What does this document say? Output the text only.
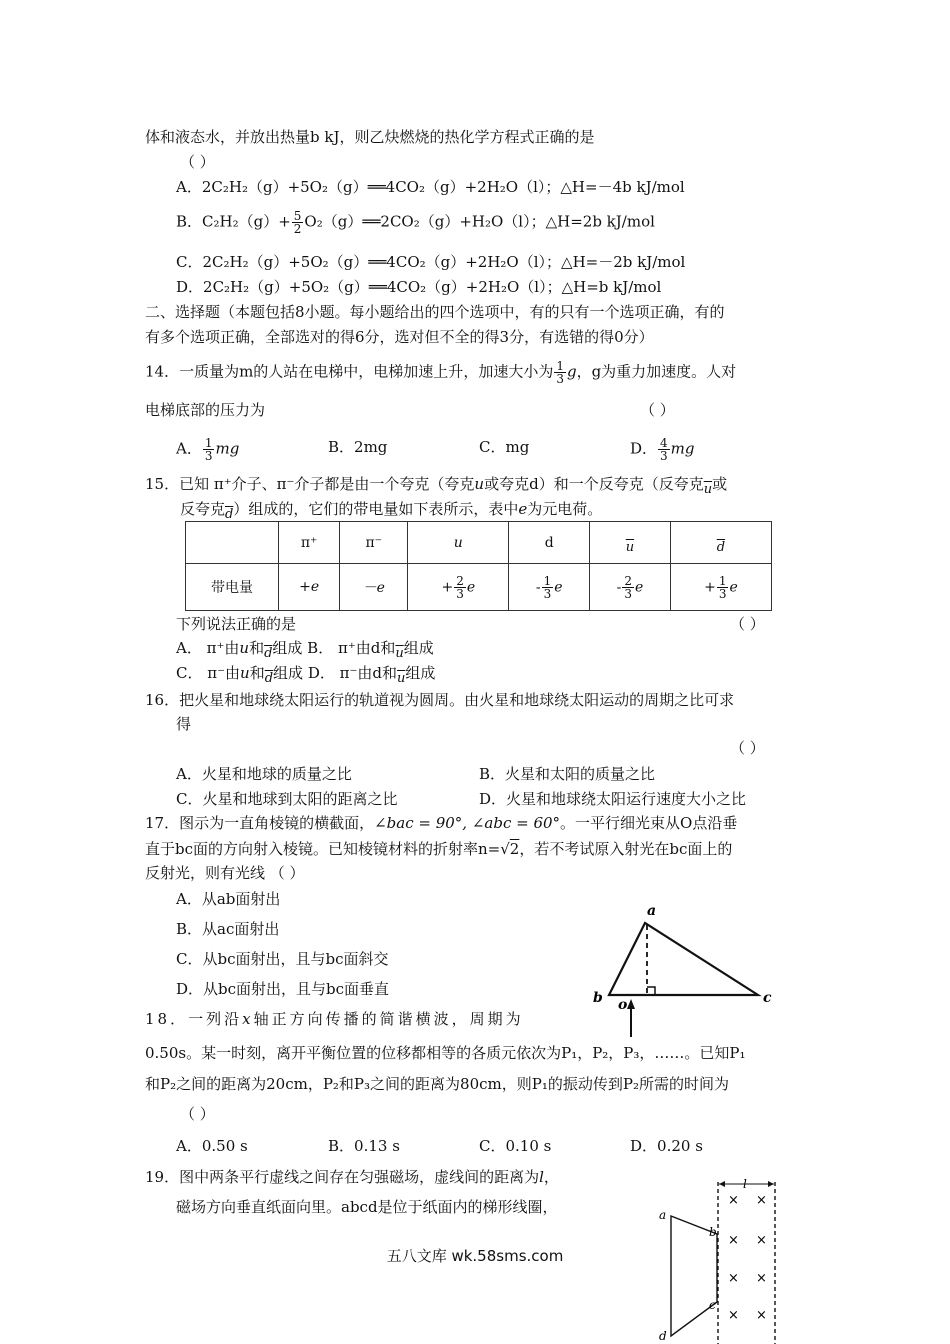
体和液态水，并放出热量b kJ，则乙炔燃烧的热化学方程式正确的是
（ ）
A．2C₂H₂（g）+5O₂（g）══4CO₂（g）+2H₂O（l）；△H=－4b kJ/mol
B．$C_2H_2(g)+ \frac{5}{2}$ O₂（g）══2CO₂（g）+H₂O（l）；△H=2b kJ/mol
C．2C₂H₂（g）+5O₂（g）══4CO₂（g）+2H₂O（l）；△H=－2b kJ/mol
D．2C₂H₂（g）+5O₂（g）══4CO₂（g）+2H₂O（l）；△H=b kJ/mol
二、选择题（本题包括8小题。每小题给出的四个选项中，有的只有一个选项正确，有的
有多个选项正确，全部选对的得6分，选对但不全的得3分，有选错的得0分）
14．一质量为m的人站在电梯中，电梯加速上升，加速大小为 $\frac{1}{3}$ g，g为重力加速度。人对
电梯底部的压力为	（ ）
A． $\frac{1}{3}$ mg	B．2mg	C．mg	D． $\frac{4}{3}$ mg
15．已知 π⁺介子、π⁻介子都是由一个夸克（夸克u或夸克d）和一个反夸克（反夸克$\overline{u}$或
反夸克$\overline{d}$）组成的，它们的带电量如下表所示，表中e为元电荷。
	π⁺	π⁻	u	d	$\overline{u}$	$\overline{d}$
带电量	+e	－e	+ $\frac{2}{3}$ e	- $\frac{1}{3}$ e	- $\frac{2}{3}$ e	+ $\frac{1}{3}$ e
下列说法正确的是	（ ）
A． π⁺由u和$\overline{d}$组成 B． π⁺由d和$\overline{u}$组成
C． π⁻由u和$\overline{d}$组成 D． π⁻由d和$\overline{u}$组成
16．把火星和地球绕太阳运行的轨道视为圆周。由火星和地球绕太阳运动的周期之比可求
得
（ ）
A．火星和地球的质量之比	B．火星和太阳的质量之比
C．火星和地球到太阳的距离之比	D．火星和地球绕太阳运行速度大小之比
17．图示为一直角棱镜的横截面，∠bac = 90°, ∠abc = 60°。一平行细光束从O点沿垂
直于bc面的方向射入棱镜。已知棱镜材料的折射率n=√2，若不考试原入射光在bc面上的
反射光，则有光线 （ ）
A．从ab面射出
B．从ac面射出
C．从bc面射出，且与bc面斜交
D．从bc面射出，且与bc面垂直
a
b	c
o
18．一列沿x轴正方向传播的简谐横波，周期为
0.50s。某一时刻，离开平衡位置的位移都相等的各质元依次为P₁，P₂，P₃，……。已知P₁
和P₂之间的距离为20cm，P₂和P₃之间的距离为80cm，则P₁的振动传到P₂所需的时间为
（ ）
A．0.50 s	B．0.13 s	C．0.10 s	D．0.20 s
19．图中两条平行虚线之间存在匀强磁场，虚线间的距离为l，
磁场方向垂直纸面向里。abcd是位于纸面内的梯形线圈，
l
a
b
c
d
× ×
× ×
× ×
× ×
五八文库 wk.58sms.com
